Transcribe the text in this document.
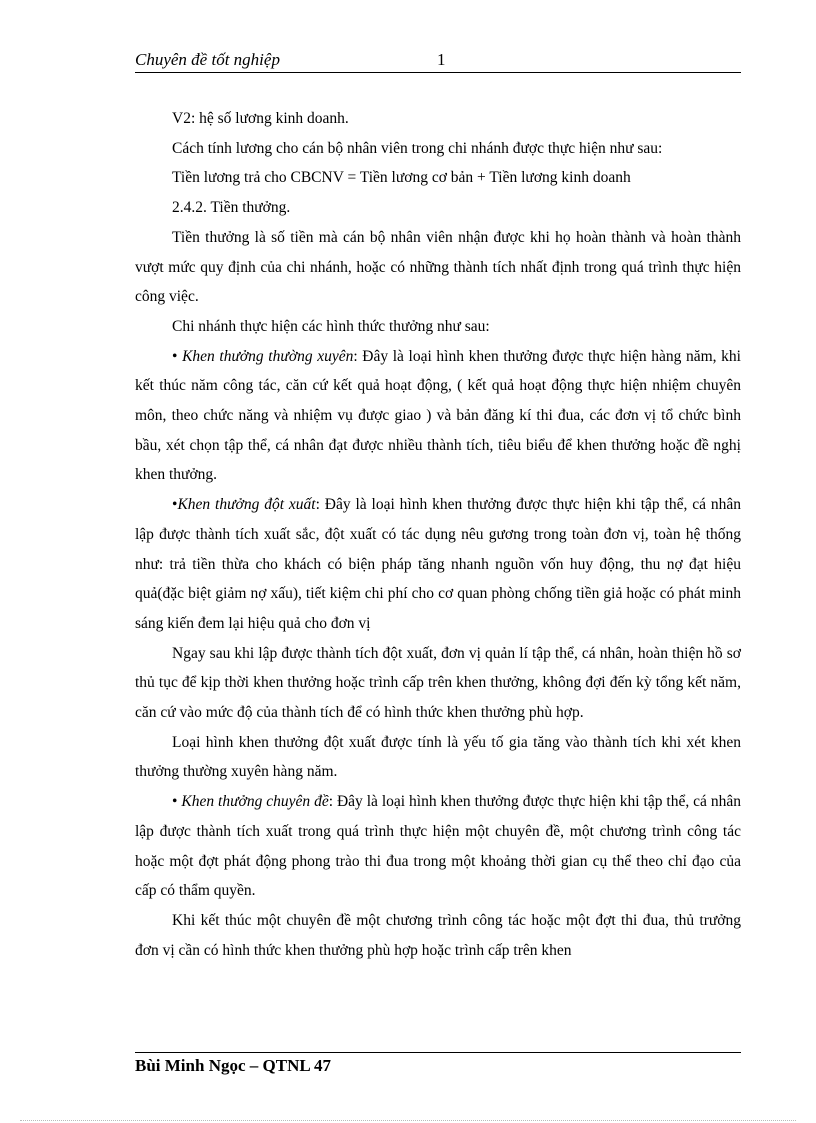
Chuyên đề tốt nghiệp	1

V2: hệ số lương kinh doanh.

Cách tính lương cho cán bộ nhân viên trong chi nhánh được thực hiện như sau:

Tiền lương trả cho CBCNV = Tiền lương cơ bản + Tiền lương kinh doanh

2.4.2. Tiền thưởng.

Tiền thưởng là số tiền mà cán bộ nhân viên nhận được khi họ hoàn thành và hoàn thành vượt mức quy định của chi nhánh, hoặc có những thành tích nhất định trong quá trình thực hiện công việc.

Chi nhánh thực hiện các hình thức thưởng như sau:

• Khen thưởng thường xuyên: Đây là loại hình khen thưởng được thực hiện hàng năm, khi kết thúc năm công tác, căn cứ kết quả hoạt động, ( kết quả hoạt động thực hiện nhiệm chuyên môn, theo chức năng và nhiệm vụ được giao ) và bản đăng kí thi đua, các đơn vị tổ chức bình bầu, xét chọn tập thể, cá nhân đạt được nhiều thành tích, tiêu biểu để khen thưởng hoặc đề nghị khen thưởng.

•Khen thưởng đột xuất: Đây là loại hình khen thưởng được thực hiện khi tập thể, cá nhân lập được thành tích xuất sắc, đột xuất có tác dụng nêu gương trong toàn đơn vị, toàn hệ thống như: trả tiền thừa cho khách có biện pháp tăng nhanh nguồn vốn huy động, thu nợ đạt hiệu quả(đặc biệt giảm nợ xấu), tiết kiệm chi phí cho cơ quan phòng chống tiền giả hoặc có phát minh sáng kiến đem lại hiệu quả cho đơn vị

Ngay sau khi lập được thành tích đột xuất, đơn vị quản lí tập thể, cá nhân, hoàn thiện hồ sơ thủ tục để kịp thời khen thưởng hoặc trình cấp trên khen thưởng, không đợi đến kỳ tổng kết năm, căn cứ vào mức độ của thành tích để có hình thức khen thưởng phù hợp.

Loại hình khen thưởng đột xuất được tính là yếu tố gia tăng vào thành tích khi xét khen thưởng thường xuyên hàng năm.

• Khen thưởng chuyên đề: Đây là loại hình khen thưởng được thực hiện khi tập thể, cá nhân lập được thành tích xuất trong quá trình thực hiện một chuyên đề, một chương trình công tác hoặc một đợt phát động phong trào thi đua trong một khoảng thời gian cụ thể theo chỉ đạo của cấp có thẩm quyền.

Khi kết thúc một chuyên đề một chương trình công tác hoặc một đợt thi đua, thủ trưởng đơn vị cần có hình thức khen thưởng phù hợp hoặc trình cấp trên khen

Bùi Minh Ngọc – QTNL 47
